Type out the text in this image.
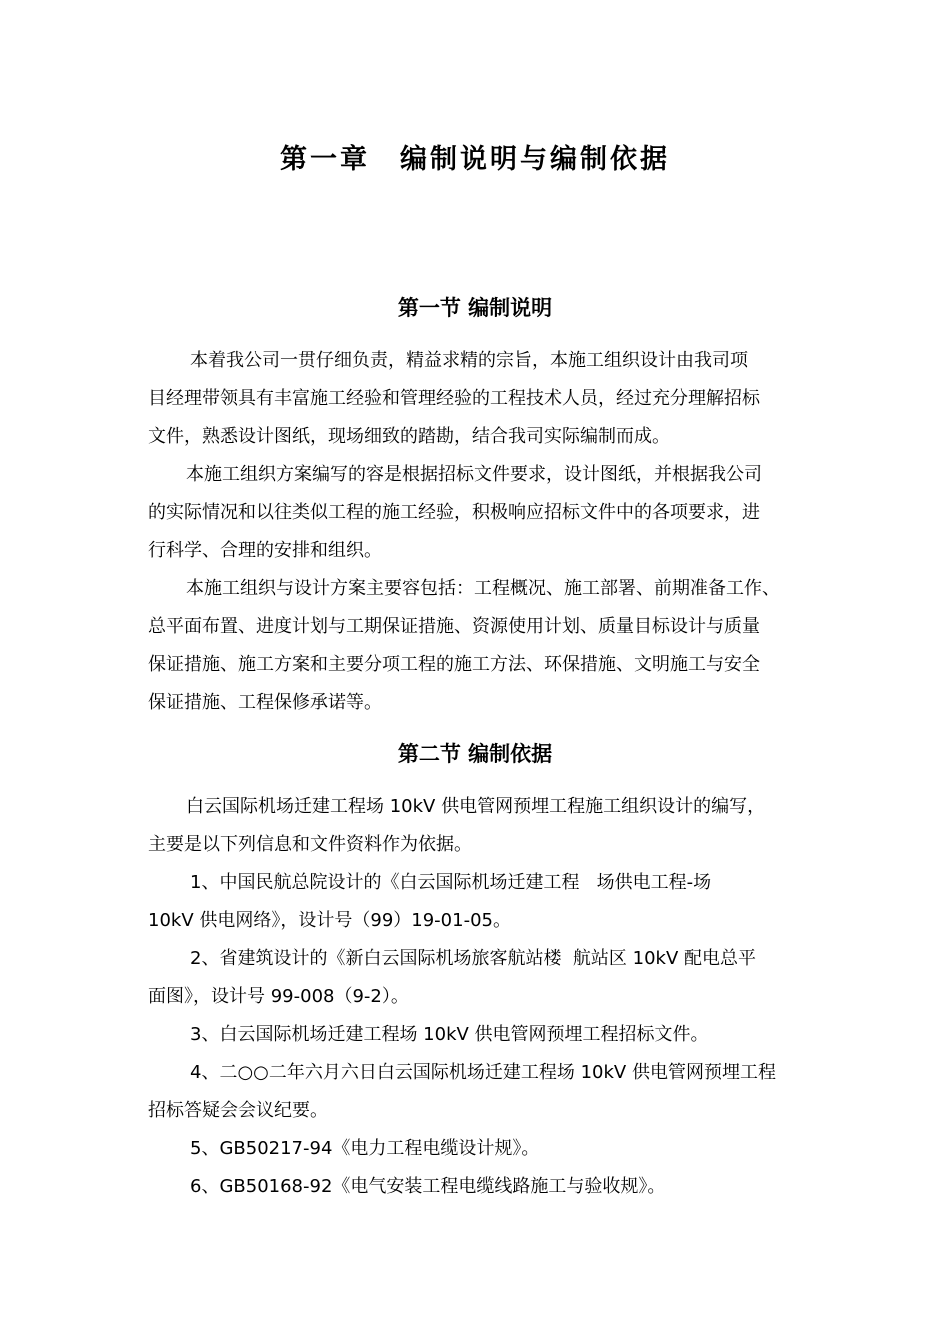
第一章　编制说明与编制依据
第一节 编制说明
本着我公司一贯仔细负责，精益求精的宗旨，本施工组织设计由我司项
目经理带领具有丰富施工经验和管理经验的工程技术人员，经过充分理解招标
文件，熟悉设计图纸，现场细致的踏勘，结合我司实际编制而成。
本施工组织方案编写的容是根据招标文件要求，设计图纸，并根据我公司
的实际情况和以往类似工程的施工经验，积极响应招标文件中的各项要求，进
行科学、合理的安排和组织。
本施工组织与设计方案主要容包括：工程概况、施工部署、前期准备工作、
总平面布置、进度计划与工期保证措施、资源使用计划、质量目标设计与质量
保证措施、施工方案和主要分项工程的施工方法、环保措施、文明施工与安全
保证措施、工程保修承诺等。
第二节 编制依据
白云国际机场迁建工程场 10kV 供电管网预埋工程施工组织设计的编写，
主要是以下列信息和文件资料作为依据。
1、中国民航总院设计的《白云国际机场迁建工程   场供电工程-场
10kV 供电网络》，设计号（99）19-01-05。
2、省建筑设计的《新白云国际机场旅客航站楼  航站区 10kV 配电总平
面图》，设计号 99-008（9-2）。
3、白云国际机场迁建工程场 10kV 供电管网预埋工程招标文件。
4、二○○二年六月六日白云国际机场迁建工程场 10kV 供电管网预埋工程
招标答疑会会议纪要。
5、GB50217-94《电力工程电缆设计规》。
6、GB50168-92《电气安装工程电缆线路施工与验收规》。
